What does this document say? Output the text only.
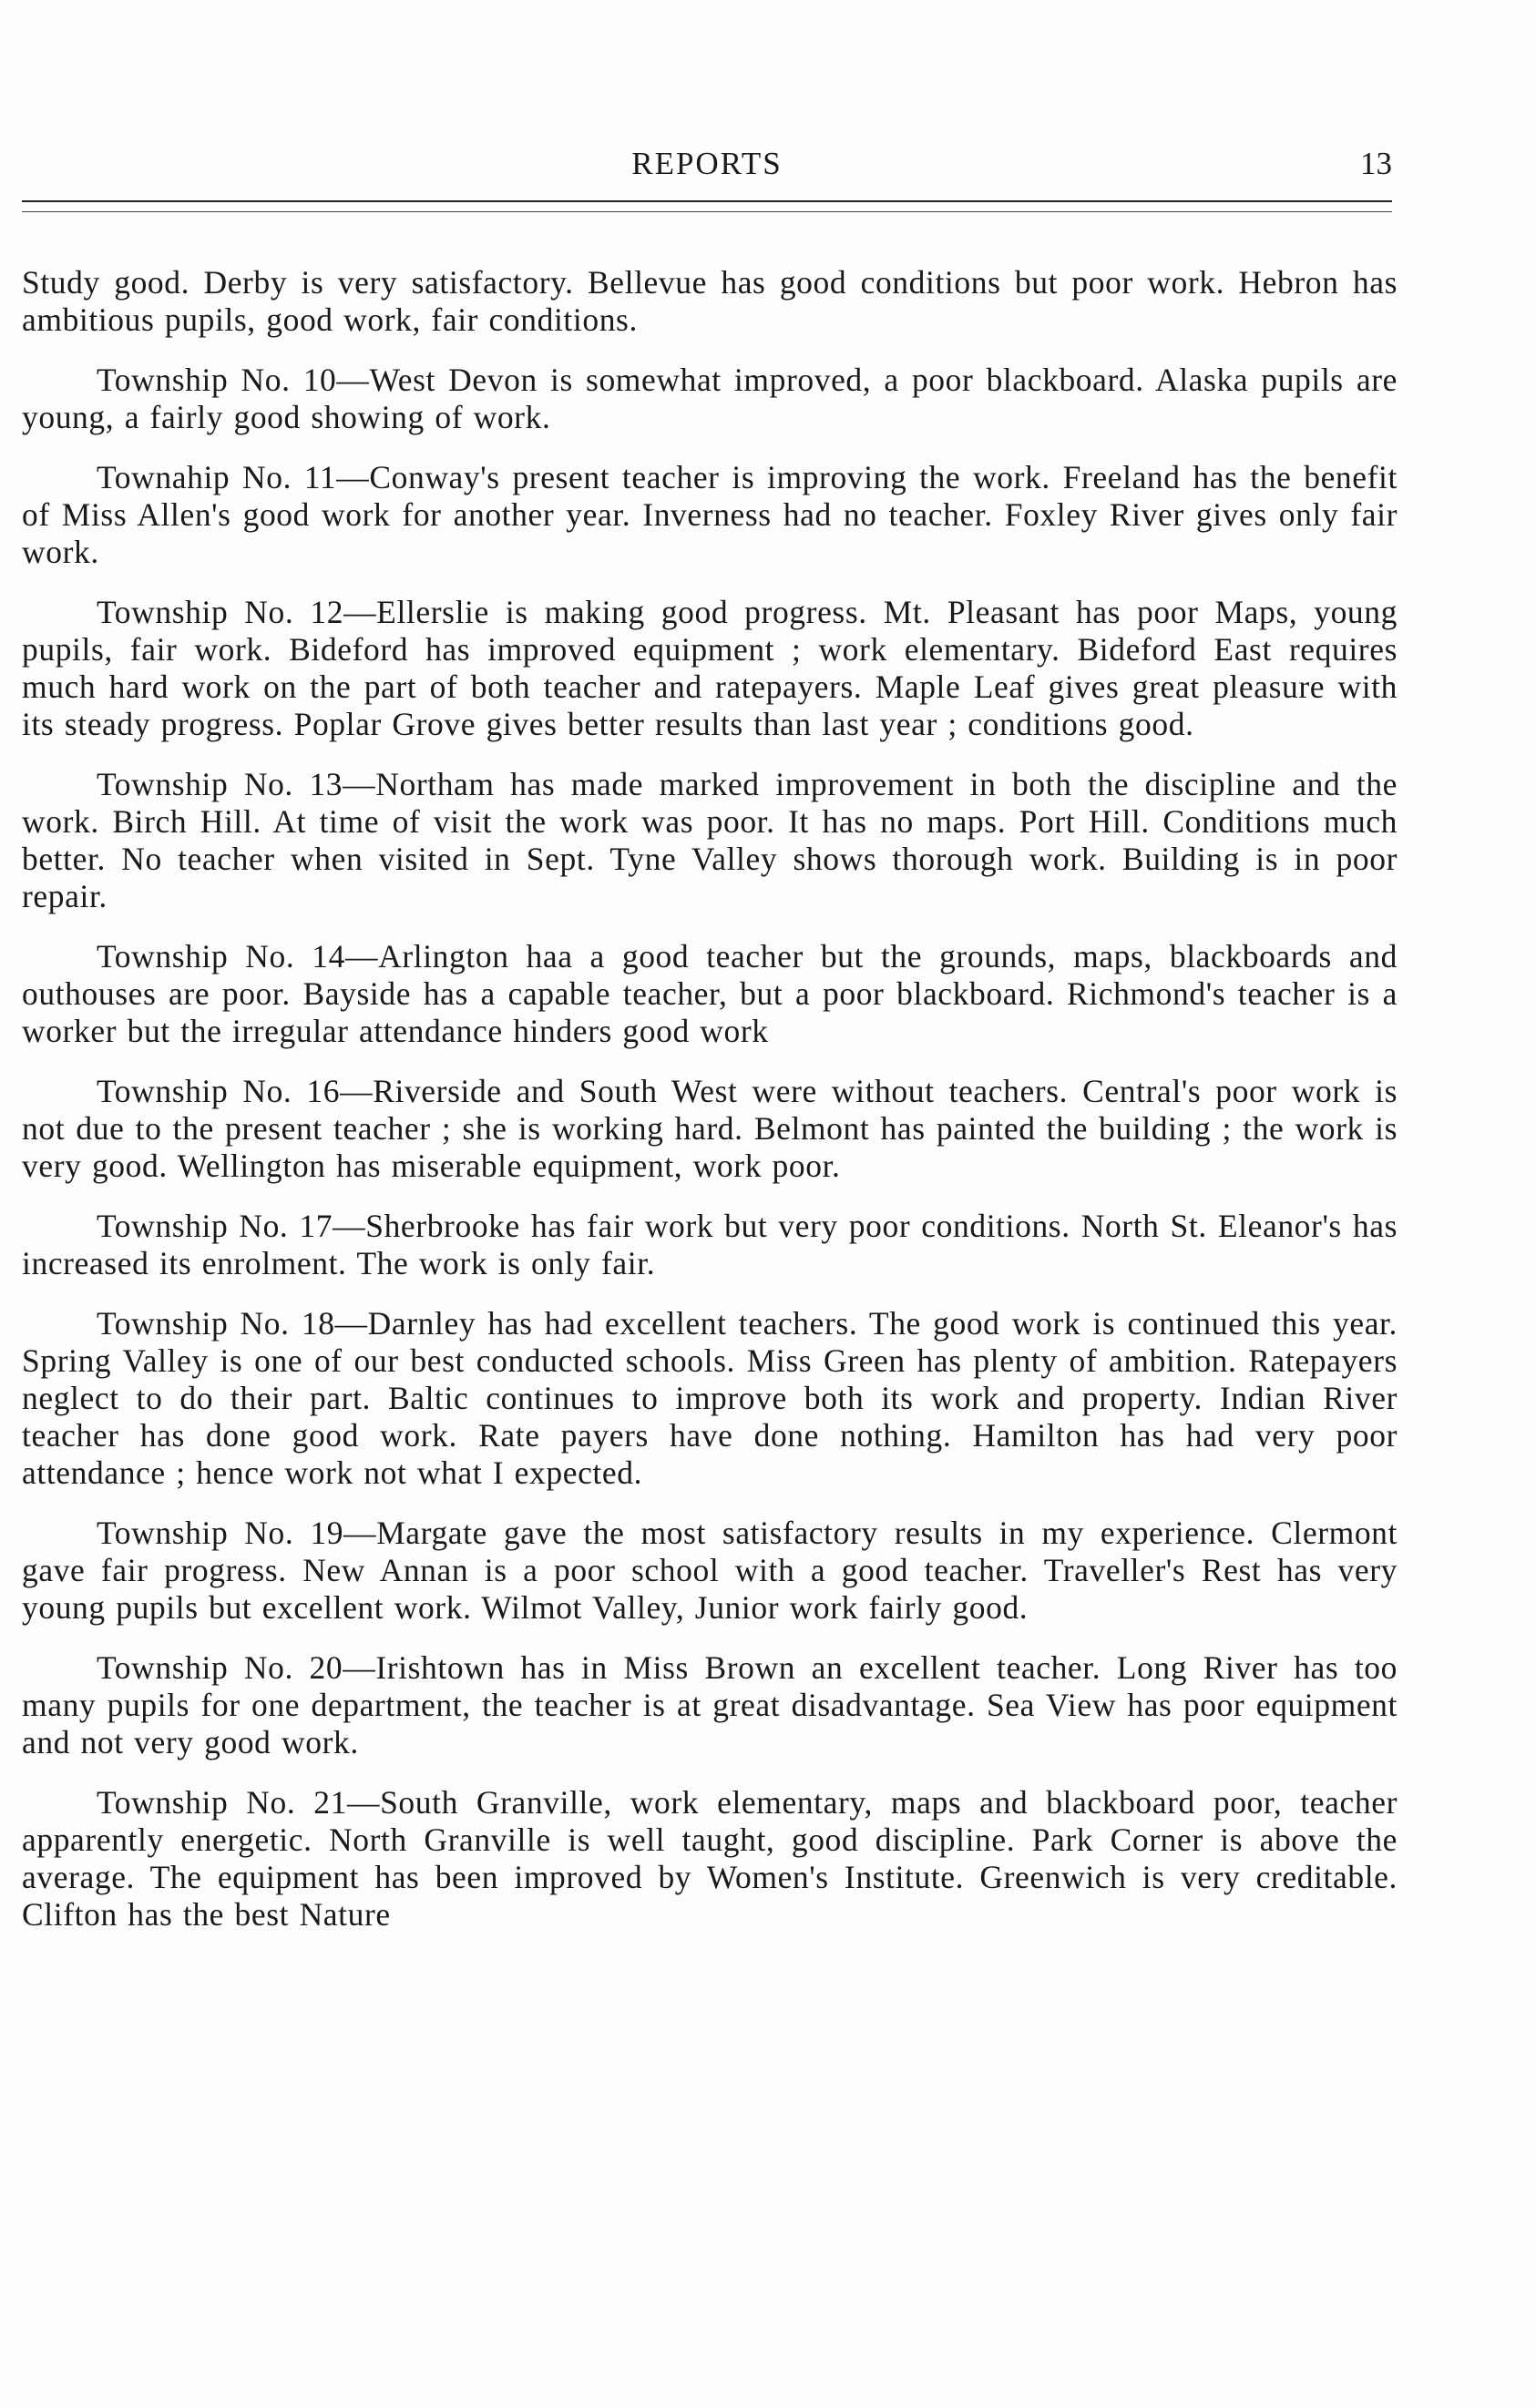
REPORTS	13

Study good. Derby is very satisfactory. Bellevue has good conditions but poor work. Hebron has ambitious pupils, good work, fair conditions.

Township No. 10—West Devon is somewhat improved, a poor blackboard. Alaska pupils are young, a fairly good showing of work.

Townahip No. 11—Conway's present teacher is improving the work. Freeland has the benefit of Miss Allen's good work for another year. Inverness had no teacher. Foxley River gives only fair work.

Township No. 12—Ellerslie is making good progress. Mt. Pleasant has poor Maps, young pupils, fair work. Bideford has improved equipment ; work elementary. Bideford East requires much hard work on the part of both teacher and ratepayers. Maple Leaf gives great pleasure with its steady progress. Poplar Grove gives better results than last year ; conditions good.

Township No. 13—Northam has made marked improvement in both the discipline and the work. Birch Hill. At time of visit the work was poor. It has no maps. Port Hill. Conditions much better. No teacher when visited in Sept. Tyne Valley shows thorough work. Building is in poor repair.

Township No. 14—Arlington haa a good teacher but the grounds, maps, blackboards and outhouses are poor. Bayside has a capable teacher, but a poor blackboard. Richmond's teacher is a worker but the irregular attendance hinders good work

Township No. 16—Riverside and South West were without teachers. Central's poor work is not due to the present teacher ; she is working hard. Belmont has painted the building ; the work is very good. Wellington has miserable equipment, work poor.

Township No. 17—Sherbrooke has fair work but very poor conditions. North St. Eleanor's has increased its enrolment. The work is only fair.

Township No. 18—Darnley has had excellent teachers. The good work is continued this year. Spring Valley is one of our best conducted schools. Miss Green has plenty of ambition. Ratepayers neglect to do their part. Baltic continues to improve both its work and property. Indian River teacher has done good work. Rate payers have done nothing. Hamilton has had very poor attendance ; hence work not what I expected.

Township No. 19—Margate gave the most satisfactory results in my experience. Clermont gave fair progress. New Annan is a poor school with a good teacher. Traveller's Rest has very young pupils but excellent work. Wilmot Valley, Junior work fairly good.

Township No. 20—Irishtown has in Miss Brown an excellent teacher. Long River has too many pupils for one department, the teacher is at great disadvantage. Sea View has poor equipment and not very good work.

Township No. 21—South Granville, work elementary, maps and blackboard poor, teacher apparently energetic. North Granville is well taught, good discipline. Park Corner is above the average. The equipment has been improved by Women's Institute. Greenwich is very creditable. Clifton has the best Nature
